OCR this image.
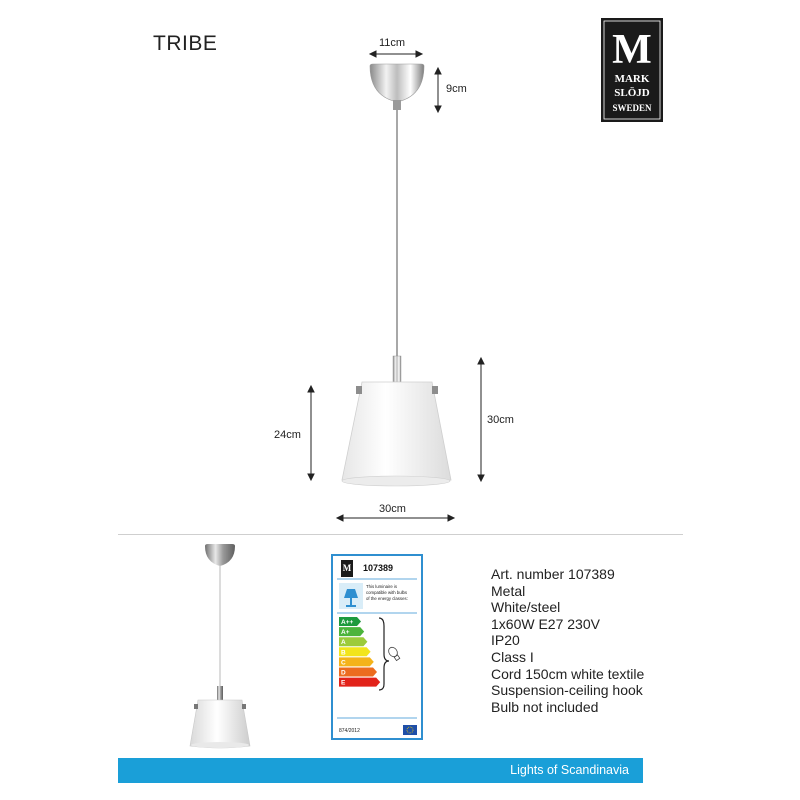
TRIBE	M
MARK
SLÖJD
SWEDEN
11cm
9cm
24cm
30cm
30cm
M 107389
This luminaire is
compatible with bulbs
of the energy classes:
A++
A+
A
B
C
D
E
874/2012
Art. number 107389
Metal
White/steel
1x60W E27 230V
IP20
Class I
Cord 150cm white textile
Suspension-ceiling hook
Bulb not included
Lights of Scandinavia
